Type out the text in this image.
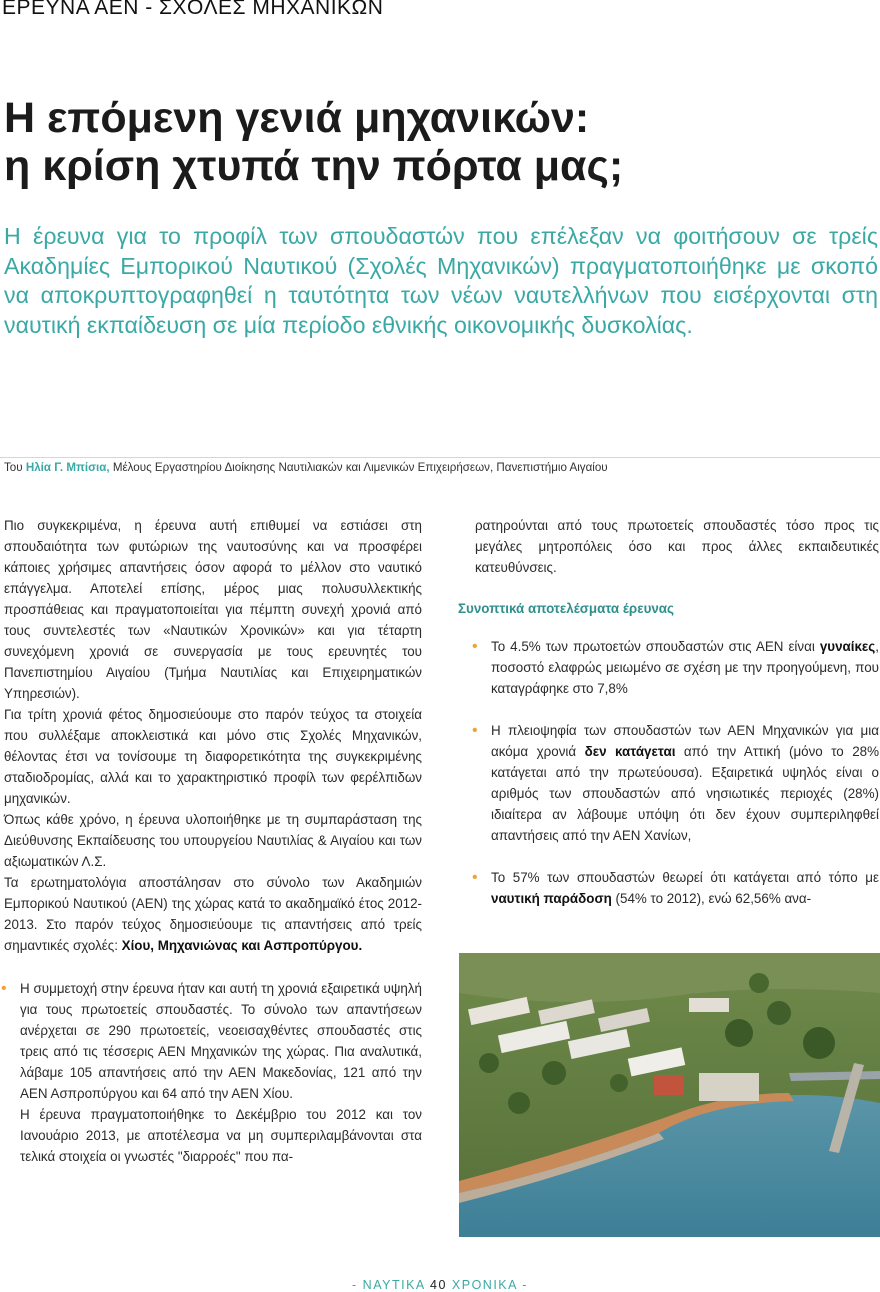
ΕΡΕΥΝΑ ΑΕΝ - ΣΧΟΛΕΣ ΜΗΧΑΝΙΚΩΝ
Η επόμενη γενιά μηχανικών:
η κρίση χτυπά την πόρτα μας;

Η έρευνα για το προφίλ των σπουδαστών που επέλεξαν να φοιτήσουν σε τρείς Ακαδημίες Εμπορικού Ναυτικού (Σχολές Μηχανικών) πραγματοποιήθηκε με σκοπό να αποκρυπτογραφηθεί η ταυτότητα των νέων ναυτελλήνων που εισέρχονται στη ναυτική εκπαίδευση σε μία περίοδο εθνικής οικονομικής δυσκολίας.

Του Ηλία Γ. Μπίσια, Μέλους Εργαστηρίου Διοίκησης Ναυτιλιακών και Λιμενικών Επιχειρήσεων, Πανεπιστήμιο Αιγαίου

Πιο συγκεκριμένα, η έρευνα αυτή επιθυμεί να εστιάσει στη σπουδαιότητα των φυτώριων της ναυτοσύνης και να προσφέρει κάποιες χρήσιμες απαντήσεις όσον αφορά το μέλλον στο ναυτικό επάγγελμα. Αποτελεί επίσης, μέρος μιας πολυσυλλεκτικής προσπάθειας και πραγματοποιείται για πέμπτη συνεχή χρονιά από τους συντελεστές των «Ναυτικών Χρονικών» και για τέταρτη συνεχόμενη χρονιά σε συνεργασία με τους ερευνητές του Πανεπιστημίου Αιγαίου (Τμήμα Ναυτιλίας και Επιχειρηματικών Υπηρεσιών).

Για τρίτη χρονιά φέτος δημοσιεύουμε στο παρόν τεύχος τα στοιχεία που συλλέξαμε αποκλειστικά και μόνο στις Σχολές Μηχανικών, θέλοντας έτσι να τονίσουμε τη διαφορετικότητα της συγκεκριμένης σταδιοδρομίας, αλλά και το χαρακτηριστικό προφίλ των φερέλπιδων μηχανικών.

Όπως κάθε χρόνο, η έρευνα υλοποιήθηκε με τη συμπαράσταση της Διεύθυνσης Εκπαίδευσης του υπουργείου Ναυτιλίας & Αιγαίου και των αξιωματικών Λ.Σ.

Τα ερωτηματολόγια αποστάλησαν στο σύνολο των Ακαδημιών Εμπορικού Ναυτικού (ΑΕΝ) της χώρας κατά το ακαδημαϊκό έτος 2012-2013. Στο παρόν τεύχος δημοσιεύουμε τις απαντήσεις από τρείς σημαντικές σχολές: Χίου, Μηχανιώνας και Ασπροπύργου.

• Η συμμετοχή στην έρευνα ήταν και αυτή τη χρονιά εξαιρετικά υψηλή για τους πρωτοετείς σπουδαστές. Το σύνολο των απαντήσεων ανέρχεται σε 290 πρωτοετείς, νεοεισαχθέντες σπουδαστές στις τρεις από τις τέσσερις ΑΕΝ Μηχανικών της χώρας. Πια αναλυτικά, λάβαμε 105 απαντήσεις από την ΑΕΝ Μακεδονίας, 121 από την ΑΕΝ Ασπροπύργου και 64 από την ΑΕΝ Χίου.

Η έρευνα πραγματοποιήθηκε το Δεκέμβριο του 2012 και τον Ιανουάριο 2013, με αποτέλεσμα να μη συμπεριλαμβάνονται στα τελικά στοιχεία οι γνωστές "διαρροές" που πα-

ρατηρούνται από τους πρωτοετείς σπουδαστές τόσο προς τις μεγάλες μητροπόλεις όσο και προς άλλες εκπαιδευτικές κατευθύνσεις.

Συνοπτικά αποτελέσματα έρευνας

• Το 4.5% των πρωτοετών σπουδαστών στις ΑΕΝ είναι γυναίκες, ποσοστό ελαφρώς μειωμένο σε σχέση με την προηγούμενη, που καταγράφηκε στο 7,8%

• Η πλειοψηφία των σπουδαστών των ΑΕΝ Μηχανικών για μια ακόμα χρονιά δεν κατάγεται από την Αττική (μόνο το 28% κατάγεται από την πρωτεύουσα). Εξαιρετικά υψηλός είναι ο αριθμός των σπουδαστών από νησιωτικές περιοχές (28%) ιδιαίτερα αν λάβουμε υπόψη ότι δεν έχουν συμπεριληφθεί απαντήσεις από την ΑΕΝ Χανίων,

• Το 57% των σπουδαστών θεωρεί ότι κατάγεται από τόπο με ναυτική παράδοση (54% το 2012), ενώ 62,56% ανα-

- ΝΑΥΤΙΚΑ 40 ΧΡΟΝΙΚΑ -
